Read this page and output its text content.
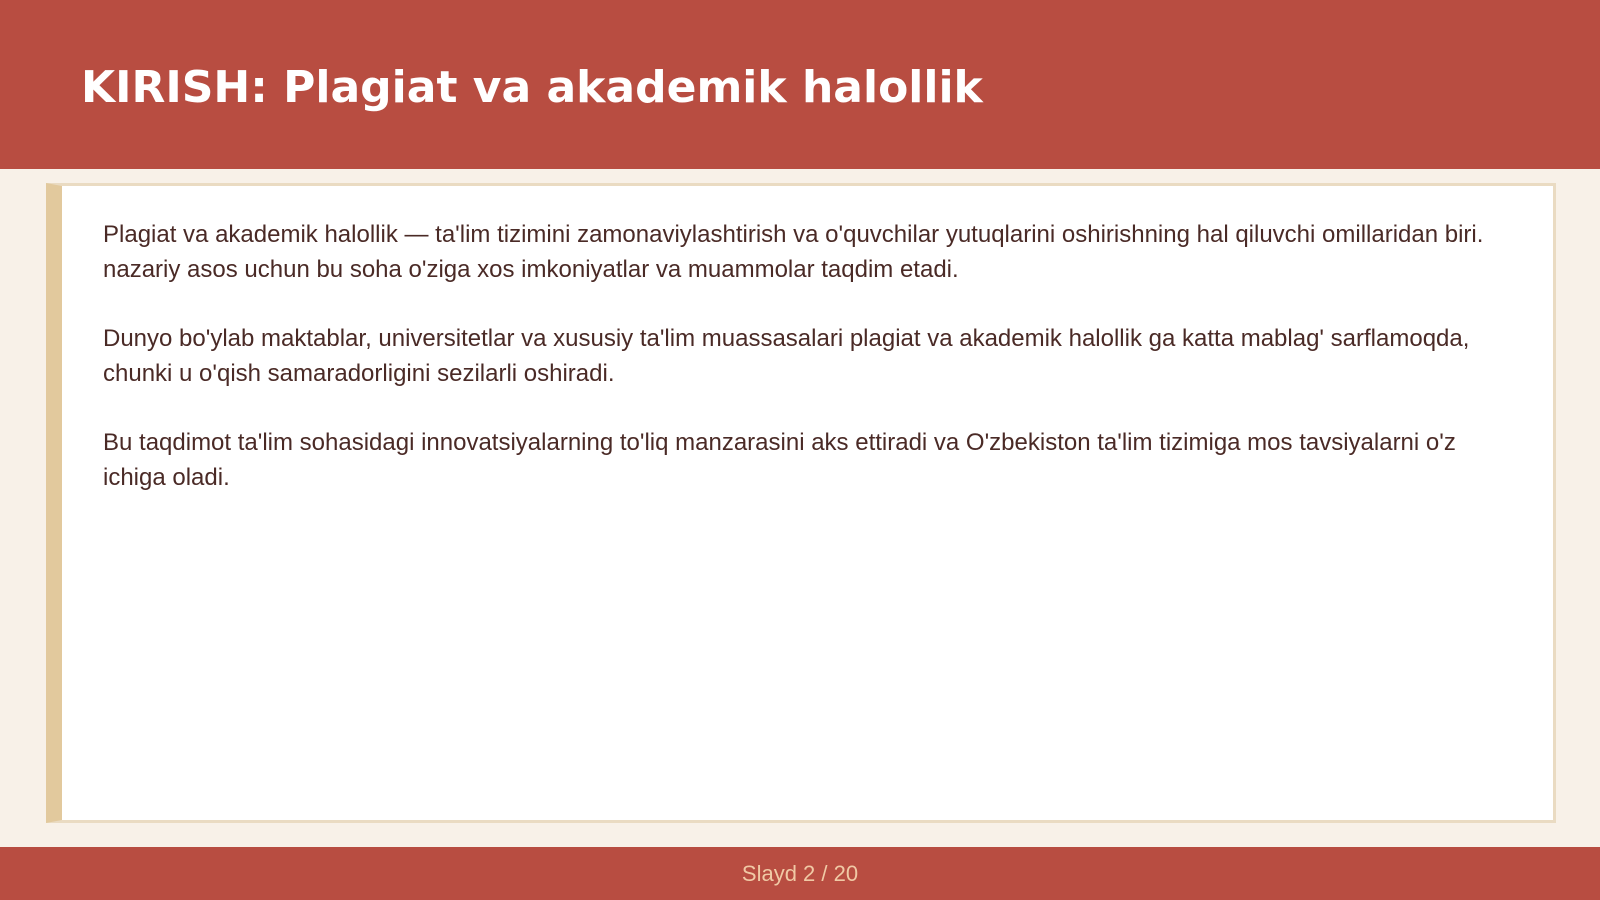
KIRISH: Plagiat va akademik halollik

Plagiat va akademik halollik — ta'lim tizimini zamonaviylashtirish va o'quvchilar yutuqlarini oshirishning hal qiluvchi omillaridan biri. nazariy asos uchun bu soha o'ziga xos imkoniyatlar va muammolar taqdim etadi.

Dunyo bo'ylab maktablar, universitetlar va xususiy ta'lim muassasalari plagiat va akademik halollik ga katta mablag' sarflamoqda, chunki u o'qish samaradorligini sezilarli oshiradi.

Bu taqdimot ta'lim sohasidagi innovatsiyalarning to'liq manzarasini aks ettiradi va O'zbekiston ta'lim tizimiga mos tavsiyalarni o'z ichiga oladi.

Slayd 2 / 20
